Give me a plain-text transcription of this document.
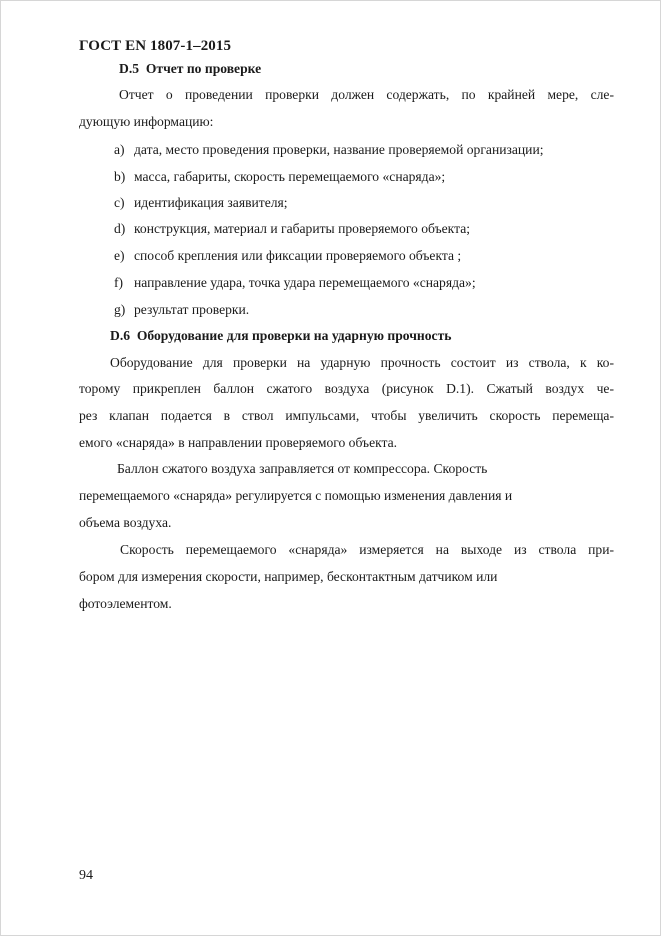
ГОСТ EN 1807-1–2015
D.5 Отчет по проверке
Отчет о проведении проверки должен содержать, по крайней мере, сле-
дующую информацию:
а) дата, место проведения проверки, название проверяемой организации;
b) масса, габариты, скорость перемещаемого «снаряда»;
с) идентификация заявителя;
d) конструкция, материал и габариты проверяемого объекта;
е) способ крепления или фиксации проверяемого объекта ;
f) направление удара, точка удара перемещаемого «снаряда»;
g) результат проверки.
D.6 Оборудование для проверки на ударную прочность
Оборудование для проверки на ударную прочность состоит из ствола, к ко-
торому прикреплен баллон сжатого воздуха (рисунок D.1). Сжатый воздух че-
рез клапан подается в ствол импульсами, чтобы увеличить скорость перемеща-
емого «снаряда» в направлении проверяемого объекта.
Баллон сжатого воздуха заправляется от компрессора. Скорость
перемещаемого «снаряда» регулируется с помощью изменения давления и
объема воздуха.
Скорость перемещаемого «снаряда» измеряется на выходе из ствола при-
бором для измерения скорости, например, бесконтактным датчиком или
фотоэлементом.
94
